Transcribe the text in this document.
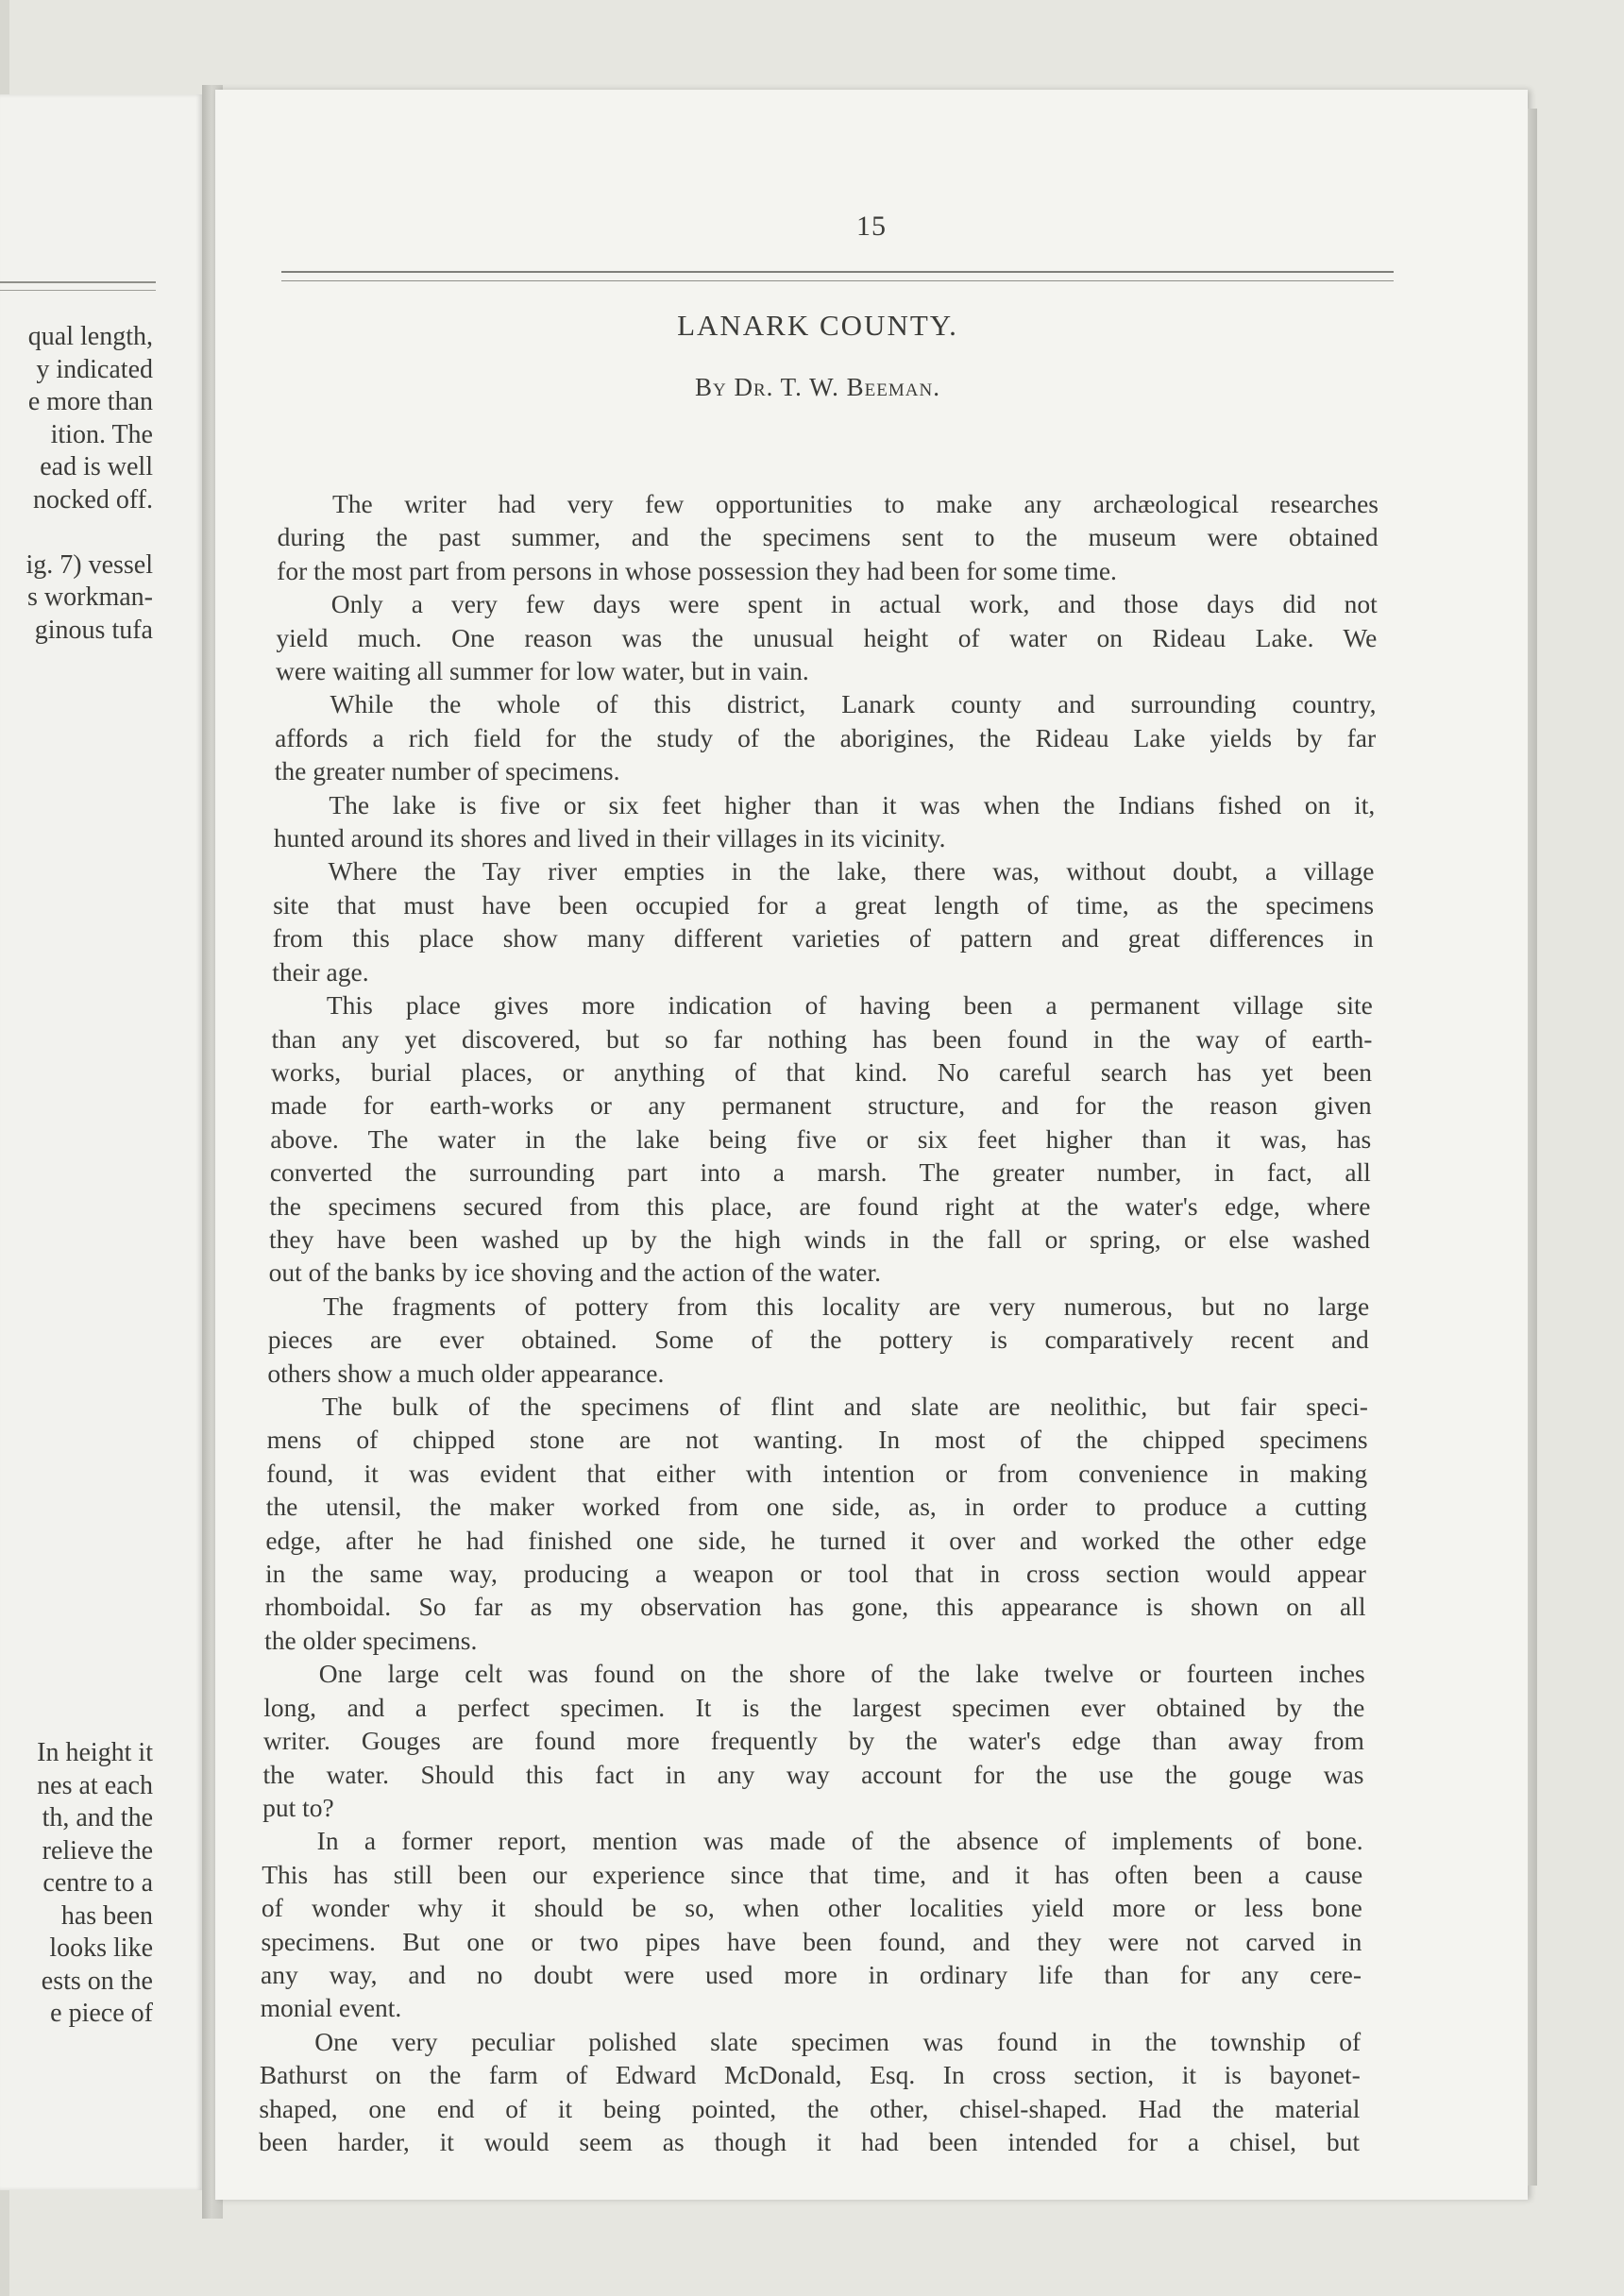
qual length,
y indicated
e more than
ition. The
ead is well
nocked off.

ig. 7) vessel
s workman-
ginous tufa
In height it
nes at each
th, and the
relieve the
centre to a
has been
looks like
ests on the
e piece of
15
LANARK COUNTY.
By Dr. T. W. Beeman.
The writer had very few opportunities to make any archæological researches
during the past summer, and the specimens sent to the museum were obtained
for the most part from persons in whose possession they had been for some time.
Only a very few days were spent in actual work, and those days did not
yield much. One reason was the unusual height of water on Rideau Lake. We
were waiting all summer for low water, but in vain.
While the whole of this district, Lanark county and surrounding country,
affords a rich field for the study of the aborigines, the Rideau Lake yields by far
the greater number of specimens.
The lake is five or six feet higher than it was when the Indians fished on it,
hunted around its shores and lived in their villages in its vicinity.
Where the Tay river empties in the lake, there was, without doubt, a village
site that must have been occupied for a great length of time, as the specimens
from this place show many different varieties of pattern and great differences in
their age.
This place gives more indication of having been a permanent village site
than any yet discovered, but so far nothing has been found in the way of earth-
works, burial places, or anything of that kind. No careful search has yet been
made for earth-works or any permanent structure, and for the reason given
above. The water in the lake being five or six feet higher than it was, has
converted the surrounding part into a marsh. The greater number, in fact, all
the specimens secured from this place, are found right at the water's edge, where
they have been washed up by the high winds in the fall or spring, or else washed
out of the banks by ice shoving and the action of the water.
The fragments of pottery from this locality are very numerous, but no large
pieces are ever obtained. Some of the pottery is comparatively recent and
others show a much older appearance.
The bulk of the specimens of flint and slate are neolithic, but fair speci-
mens of chipped stone are not wanting. In most of the chipped specimens
found, it was evident that either with intention or from convenience in making
the utensil, the maker worked from one side, as, in order to produce a cutting
edge, after he had finished one side, he turned it over and worked the other edge
in the same way, producing a weapon or tool that in cross section would appear
rhomboidal. So far as my observation has gone, this appearance is shown on all
the older specimens.
One large celt was found on the shore of the lake twelve or fourteen inches
long, and a perfect specimen. It is the largest specimen ever obtained by the
writer. Gouges are found more frequently by the water's edge than away from
the water. Should this fact in any way account for the use the gouge was
put to?
In a former report, mention was made of the absence of implements of bone.
This has still been our experience since that time, and it has often been a cause
of wonder why it should be so, when other localities yield more or less bone
specimens. But one or two pipes have been found, and they were not carved in
any way, and no doubt were used more in ordinary life than for any cere-
monial event.
One very peculiar polished slate specimen was found in the township of
Bathurst on the farm of Edward McDonald, Esq. In cross section, it is bayonet-
shaped, one end of it being pointed, the other, chisel-shaped. Had the material
been harder, it would seem as though it had been intended for a chisel, but
